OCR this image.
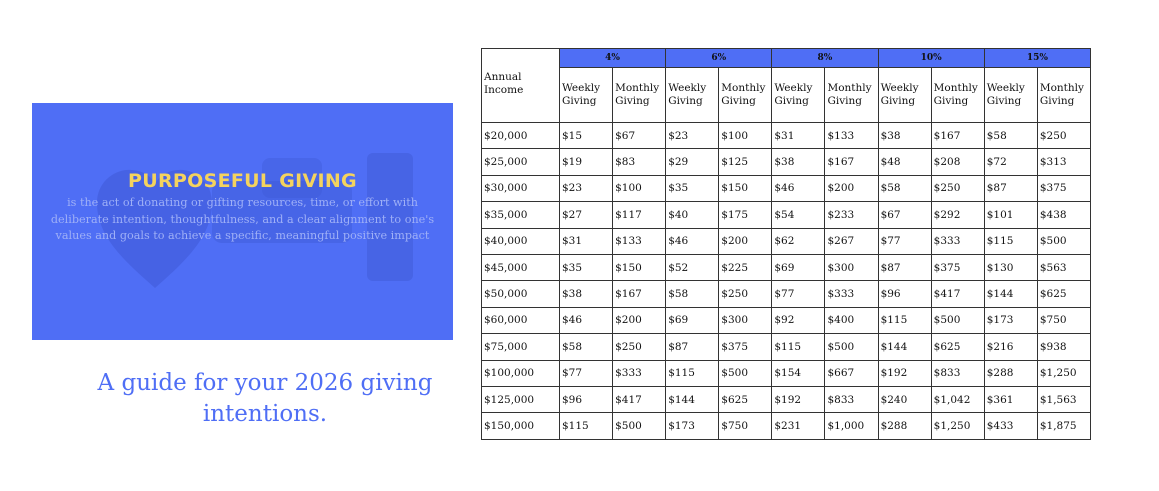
PURPOSEFUL GIVING
is the act of donating or gifting resources, time, or effort with deliberate intention, thoughtfulness, and a clear alignment to one's values and goals to achieve a specific, meaningful positive impact
A guide for your 2026 giving intentions.
	4%		6%		8%		10%		15%	
Annual Income	Weekly Giving	Monthly Giving	Weekly Giving	Monthly Giving	Weekly Giving	Monthly Giving	Weekly Giving	Monthly Giving	Weekly Giving	Monthly Giving
$20,000	$15	$67	$23	$100	$31	$133	$38	$167	$58	$250
$25,000	$19	$83	$29	$125	$38	$167	$48	$208	$72	$313
$30,000	$23	$100	$35	$150	$46	$200	$58	$250	$87	$375
$35,000	$27	$117	$40	$175	$54	$233	$67	$292	$101	$438
$40,000	$31	$133	$46	$200	$62	$267	$77	$333	$115	$500
$45,000	$35	$150	$52	$225	$69	$300	$87	$375	$130	$563
$50,000	$38	$167	$58	$250	$77	$333	$96	$417	$144	$625
$60,000	$46	$200	$69	$300	$92	$400	$115	$500	$173	$750
$75,000	$58	$250	$87	$375	$115	$500	$144	$625	$216	$938
$100,000	$77	$333	$115	$500	$154	$667	$192	$833	$288	$1,250
$125,000	$96	$417	$144	$625	$192	$833	$240	$1,042	$361	$1,563
$150,000	$115	$500	$173	$750	$231	$1,000	$288	$1,250	$433	$1,875
